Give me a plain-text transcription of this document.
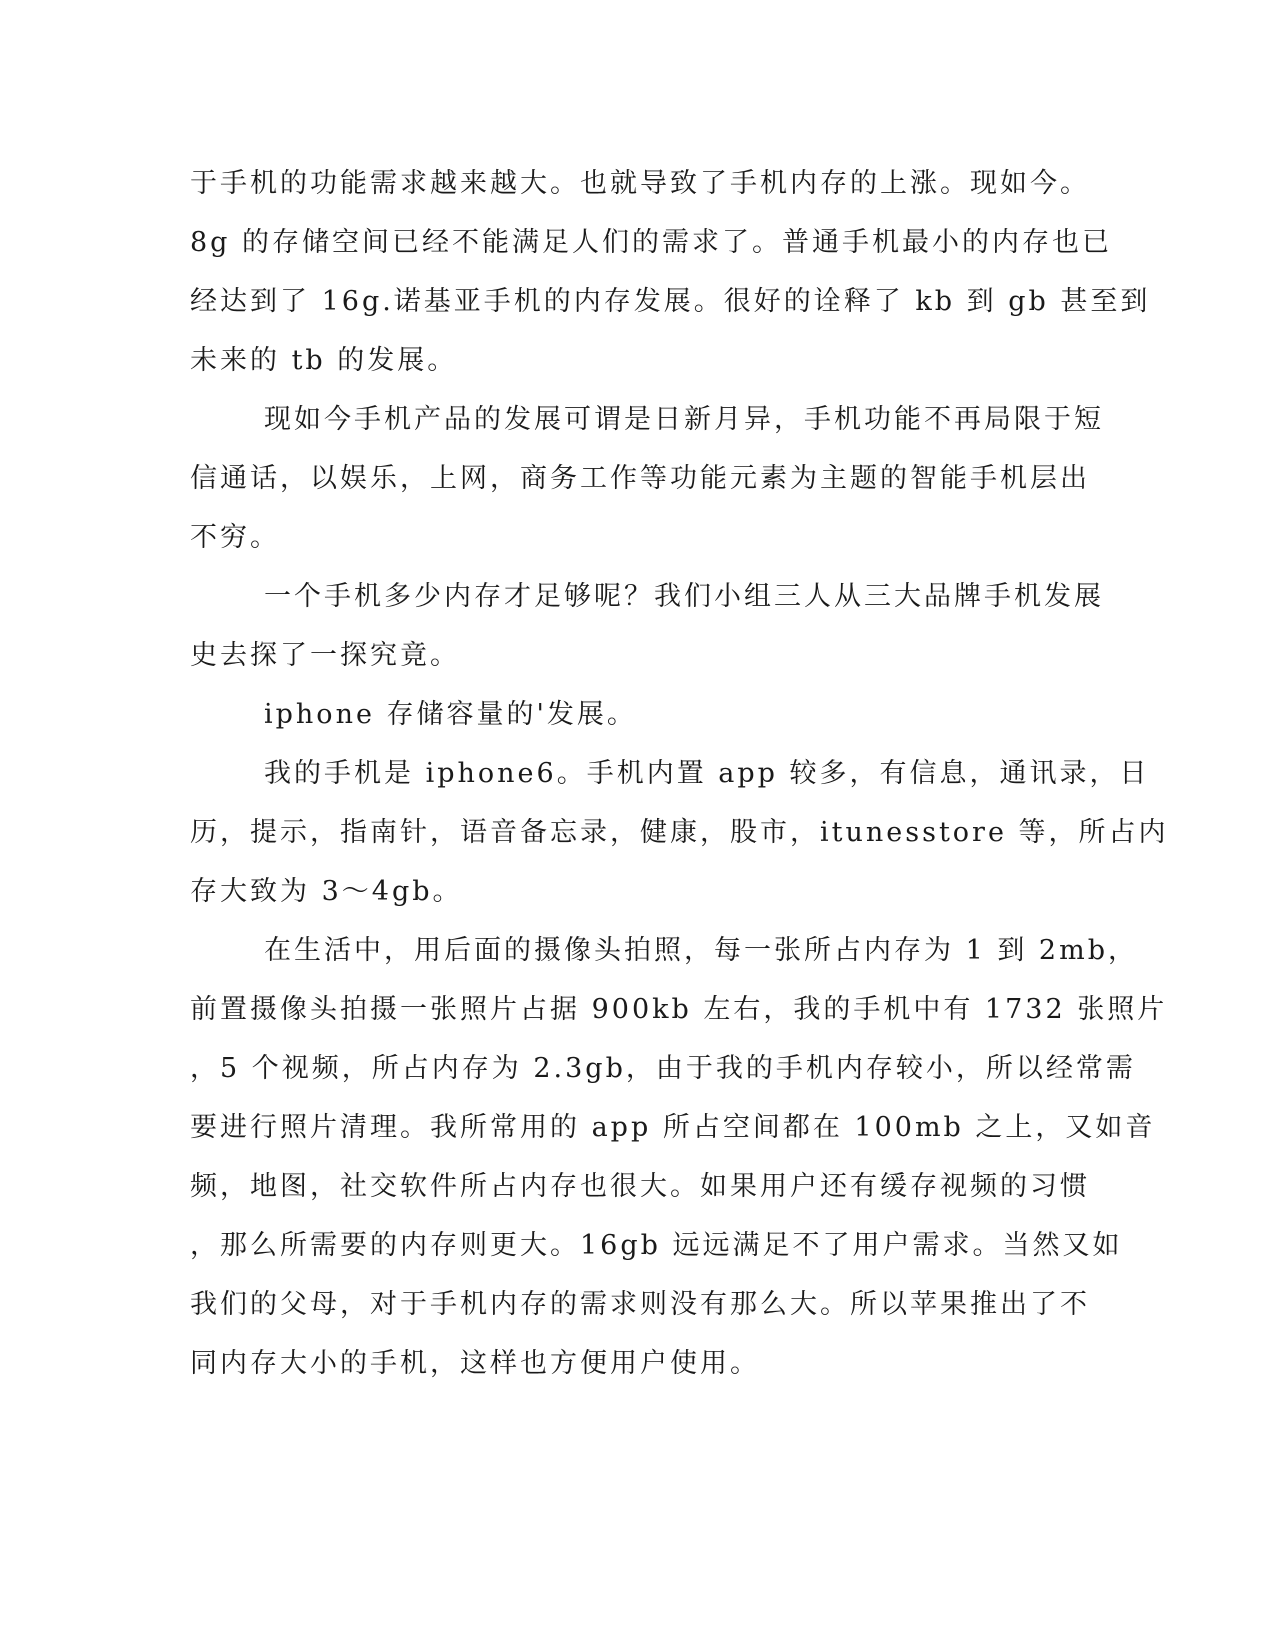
于手机的功能需求越来越大。也就导致了手机内存的上涨。现如今。
8g 的存储空间已经不能满足人们的需求了。普通手机最小的内存也已
经达到了 16g.诺基亚手机的内存发展。很好的诠释了 kb 到 gb 甚至到
未来的 tb 的发展。
现如今手机产品的发展可谓是日新月异，手机功能不再局限于短
信通话，以娱乐，上网，商务工作等功能元素为主题的智能手机层出
不穷。
一个手机多少内存才足够呢？我们小组三人从三大品牌手机发展
史去探了一探究竟。
iphone 存储容量的'发展。
我的手机是 iphone6。手机内置 app 较多，有信息，通讯录，日
历，提示，指南针，语音备忘录，健康，股市，itunesstore 等，所占内
存大致为 3～4gb。
在生活中，用后面的摄像头拍照，每一张所占内存为 1 到 2mb，
前置摄像头拍摄一张照片占据 900kb 左右，我的手机中有 1732 张照片
，5 个视频，所占内存为 2.3gb，由于我的手机内存较小，所以经常需
要进行照片清理。我所常用的 app 所占空间都在 100mb 之上，又如音
频，地图，社交软件所占内存也很大。如果用户还有缓存视频的习惯
，那么所需要的内存则更大。16gb 远远满足不了用户需求。当然又如
我们的父母，对于手机内存的需求则没有那么大。所以苹果推出了不
同内存大小的手机，这样也方便用户使用。
